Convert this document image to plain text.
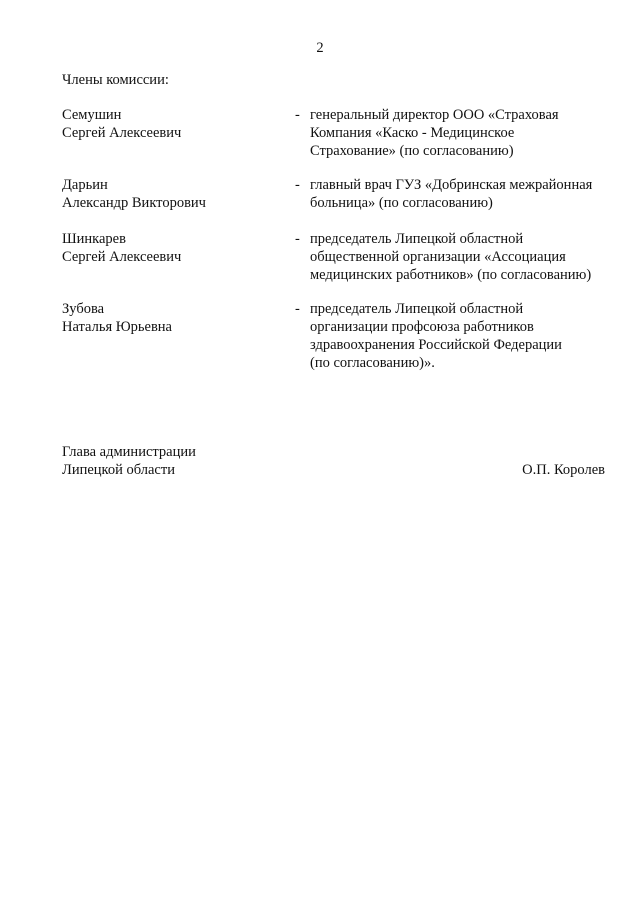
2
Члены комиссии:
Семушин
Сергей Алексеевич
- генеральный директор ООО «Страховая
Компания «Каско - Медицинское
Страхование» (по согласованию)
Дарьин
Александр Викторович
- главный врач ГУЗ «Добринская межрайонная
больница» (по согласованию)
Шинкарев
Сергей Алексеевич
- председатель Липецкой областной
общественной организации «Ассоциация
медицинских работников» (по согласованию)
Зубова
Наталья Юрьевна
- председатель Липецкой областной
организации профсоюза работников
здравоохранения Российской Федерации
(по согласованию)».
Глава администрации
Липецкой области	О.П. Королев
